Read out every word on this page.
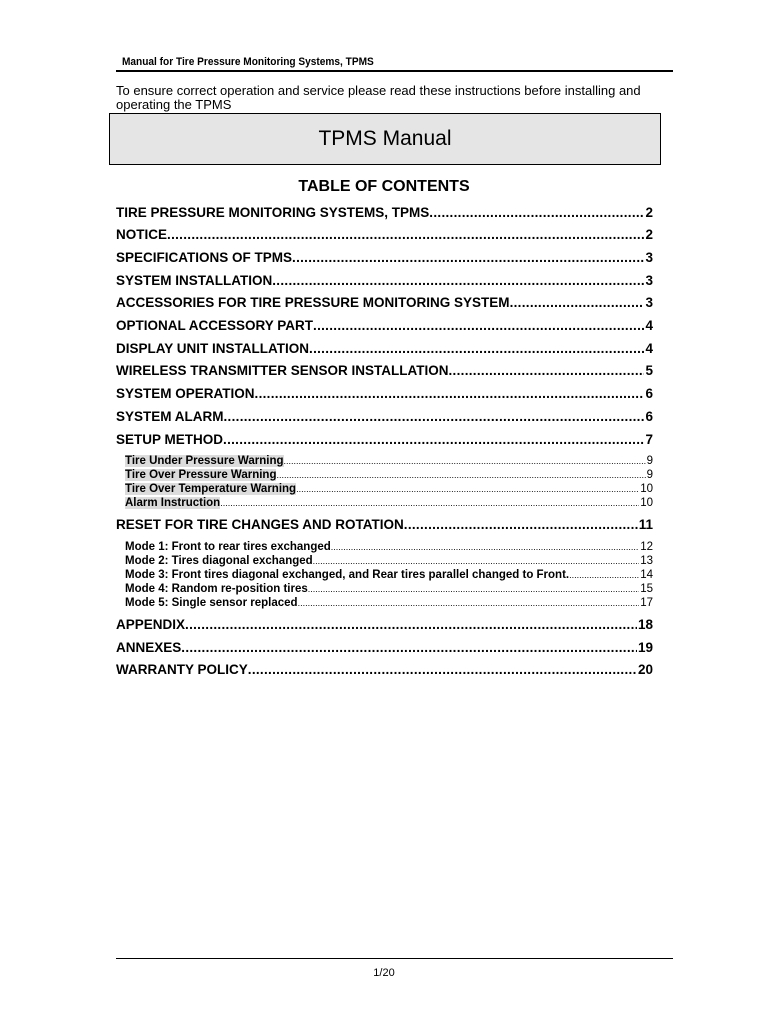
Manual for Tire Pressure Monitoring Systems, TPMS
To ensure correct operation and service please read these instructions before installing and operating the TPMS
TPMS Manual
TABLE OF CONTENTS
TIRE PRESSURE MONITORING SYSTEMS, TPMS .....	2
NOTICE .....	2
SPECIFICATIONS OF TPMS .....	3
SYSTEM INSTALLATION .....	3
ACCESSORIES FOR TIRE PRESSURE MONITORING SYSTEM .....	3
OPTIONAL ACCESSORY PART .....	4
DISPLAY UNIT INSTALLATION .....	4
WIRELESS TRANSMITTER SENSOR INSTALLATION .....	5
SYSTEM OPERATION .....	6
SYSTEM ALARM .....	6
SETUP METHOD .....	7
Tire Under Pressure Warning .....	9
Tire Over Pressure Warning .....	9
Tire Over Temperature Warning .....	10
Alarm Instruction .....	10
RESET FOR TIRE CHANGES AND ROTATION .....	11
Mode 1: Front to rear tires exchanged .....	12
Mode 2: Tires diagonal exchanged .....	13
Mode 3: Front tires diagonal exchanged, and Rear tires parallel changed to Front. .....	14
Mode 4: Random re-position tires .....	15
Mode 5: Single sensor replaced .....	17
APPENDIX .....	18
ANNEXES .....	19
WARRANTY POLICY .....	20
1/20
